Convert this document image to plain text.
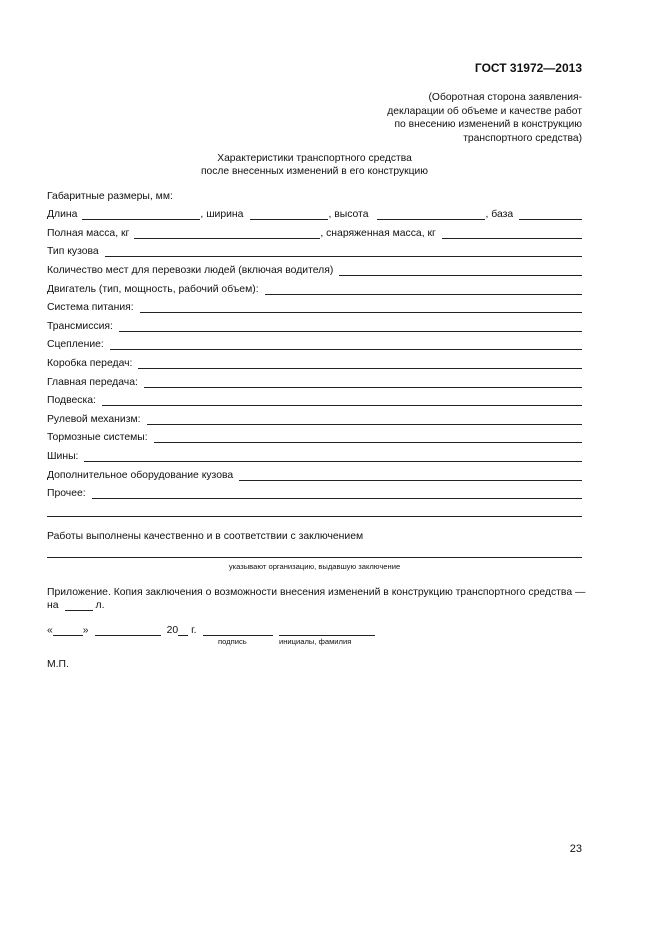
ГОСТ 31972—2013
(Оборотная сторона заявления-
декларации об объеме и качестве работ
по внесению изменений в конструкцию
транспортного средства)
Характеристики транспортного средства
после внесенных изменений в его конструкцию
Габаритные размеры, мм:
Длина	, ширина	, высота	, база
Полная масса, кг	, снаряженная масса, кг
Тип кузова
Количество мест для перевозки людей (включая водителя)
Двигатель (тип, мощность, рабочий объем):
Система питания:
Трансмиссия:
Сцепление:
Коробка передач:
Главная передача:
Подвеска:
Рулевой механизм:
Тормозные системы:
Шины:
Дополнительное оборудование кузова
Прочее:
Работы выполнены качественно и в соответствии с заключением
указывают организацию, выдавшую заключение
Приложение. Копия заключения о возможности внесения изменений в конструкцию транспортного средства —
на	л.
«	»	20 г.
подпись	инициалы, фамилия
М.П.
23
